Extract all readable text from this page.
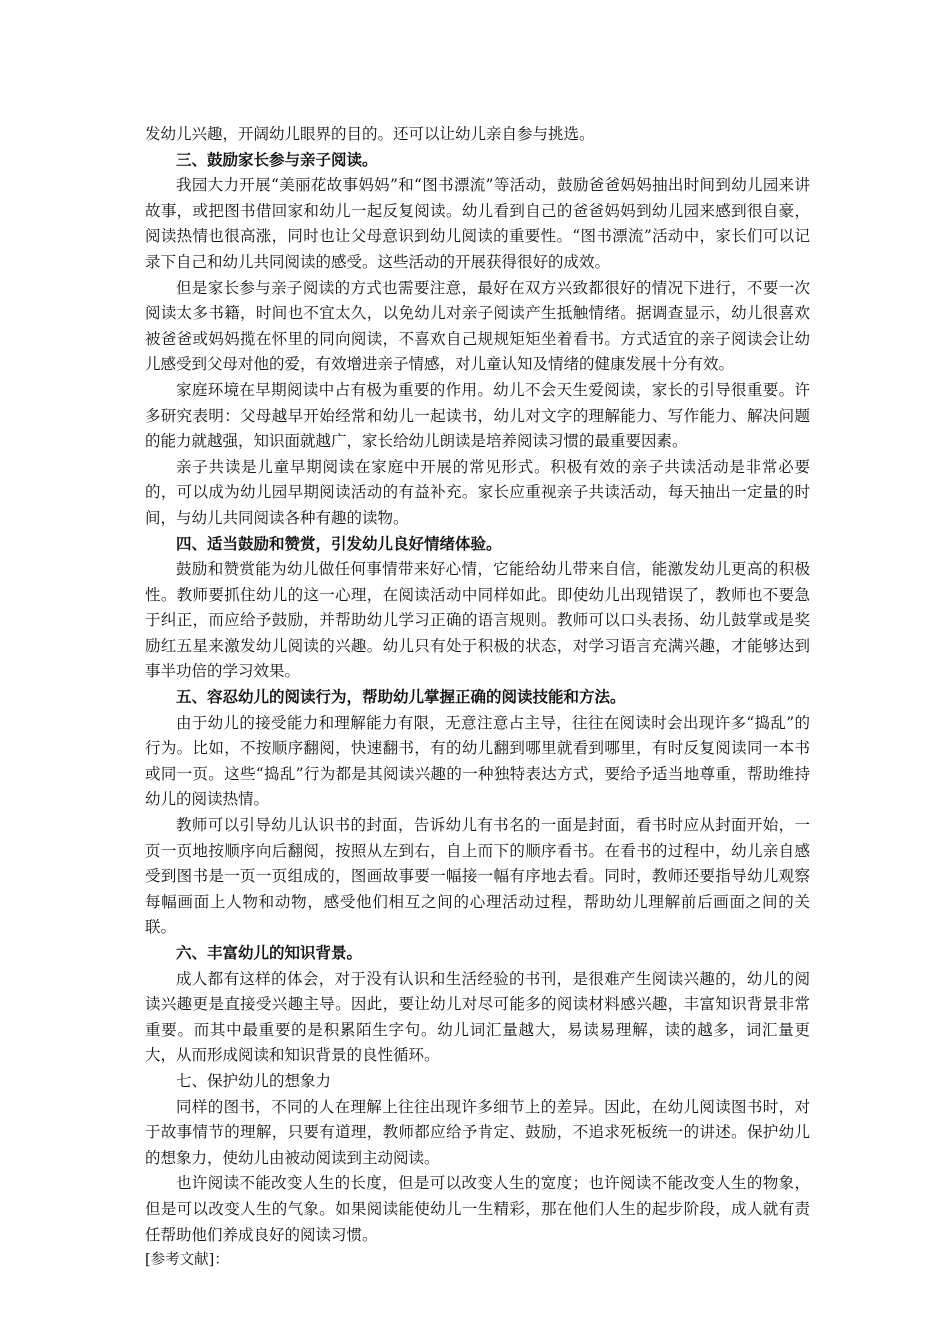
发幼儿兴趣，开阔幼儿眼界的目的。还可以让幼儿亲自参与挑选。

三、鼓励家长参与亲子阅读。

我园大力开展“美丽花故事妈妈”和“图书漂流”等活动，鼓励爸爸妈妈抽出时间到幼儿园来讲故事，或把图书借回家和幼儿一起反复阅读。幼儿看到自己的爸爸妈妈到幼儿园来感到很自豪，阅读热情也很高涨，同时也让父母意识到幼儿阅读的重要性。“图书漂流”活动中，家长们可以记录下自己和幼儿共同阅读的感受。这些活动的开展获得很好的成效。

但是家长参与亲子阅读的方式也需要注意，最好在双方兴致都很好的情况下进行，不要一次阅读太多书籍，时间也不宜太久，以免幼儿对亲子阅读产生抵触情绪。据调查显示，幼儿很喜欢被爸爸或妈妈揽在怀里的同向阅读，不喜欢自己规规矩矩坐着看书。方式适宜的亲子阅读会让幼儿感受到父母对他的爱，有效增进亲子情感，对儿童认知及情绪的健康发展十分有效。

家庭环境在早期阅读中占有极为重要的作用。幼儿不会天生爱阅读，家长的引导很重要。许多研究表明：父母越早开始经常和幼儿一起读书，幼儿对文字的理解能力、写作能力、解决问题的能力就越强，知识面就越广，家长给幼儿朗读是培养阅读习惯的最重要因素。

亲子共读是儿童早期阅读在家庭中开展的常见形式。积极有效的亲子共读活动是非常必要的，可以成为幼儿园早期阅读活动的有益补充。家长应重视亲子共读活动，每天抽出一定量的时间，与幼儿共同阅读各种有趣的读物。

四、适当鼓励和赞赏，引发幼儿良好情绪体验。

鼓励和赞赏能为幼儿做任何事情带来好心情，它能给幼儿带来自信，能激发幼儿更高的积极性。教师要抓住幼儿的这一心理，在阅读活动中同样如此。即使幼儿出现错误了，教师也不要急于纠正，而应给予鼓励，并帮助幼儿学习正确的语言规则。教师可以口头表扬、幼儿鼓掌或是奖励红五星来激发幼儿阅读的兴趣。幼儿只有处于积极的状态，对学习语言充满兴趣，才能够达到事半功倍的学习效果。

五、容忍幼儿的阅读行为，帮助幼儿掌握正确的阅读技能和方法。

由于幼儿的接受能力和理解能力有限，无意注意占主导，往往在阅读时会出现许多“捣乱”的行为。比如，不按顺序翻阅，快速翻书，有的幼儿翻到哪里就看到哪里，有时反复阅读同一本书或同一页。这些“捣乱”行为都是其阅读兴趣的一种独特表达方式，要给予适当地尊重，帮助维持幼儿的阅读热情。

教师可以引导幼儿认识书的封面，告诉幼儿有书名的一面是封面，看书时应从封面开始，一页一页地按顺序向后翻阅，按照从左到右，自上而下的顺序看书。在看书的过程中，幼儿亲自感受到图书是一页一页组成的，图画故事要一幅接一幅有序地去看。同时，教师还要指导幼儿观察每幅画面上人物和动物，感受他们相互之间的心理活动过程，帮助幼儿理解前后画面之间的关联。

六、丰富幼儿的知识背景。

成人都有这样的体会，对于没有认识和生活经验的书刊，是很难产生阅读兴趣的，幼儿的阅读兴趣更是直接受兴趣主导。因此，要让幼儿对尽可能多的阅读材料感兴趣，丰富知识背景非常重要。而其中最重要的是积累陌生字句。幼儿词汇量越大，易读易理解，读的越多，词汇量更大，从而形成阅读和知识背景的良性循环。

七、保护幼儿的想象力

同样的图书，不同的人在理解上往往出现许多细节上的差异。因此，在幼儿阅读图书时，对于故事情节的理解，只要有道理，教师都应给予肯定、鼓励，不追求死板统一的讲述。保护幼儿的想象力，使幼儿由被动阅读到主动阅读。

也许阅读不能改变人生的长度，但是可以改变人生的宽度；也许阅读不能改变人生的物象，但是可以改变人生的气象。如果阅读能使幼儿一生精彩，那在他们人生的起步阶段，成人就有责任帮助他们养成良好的阅读习惯。

[参考文献]：
